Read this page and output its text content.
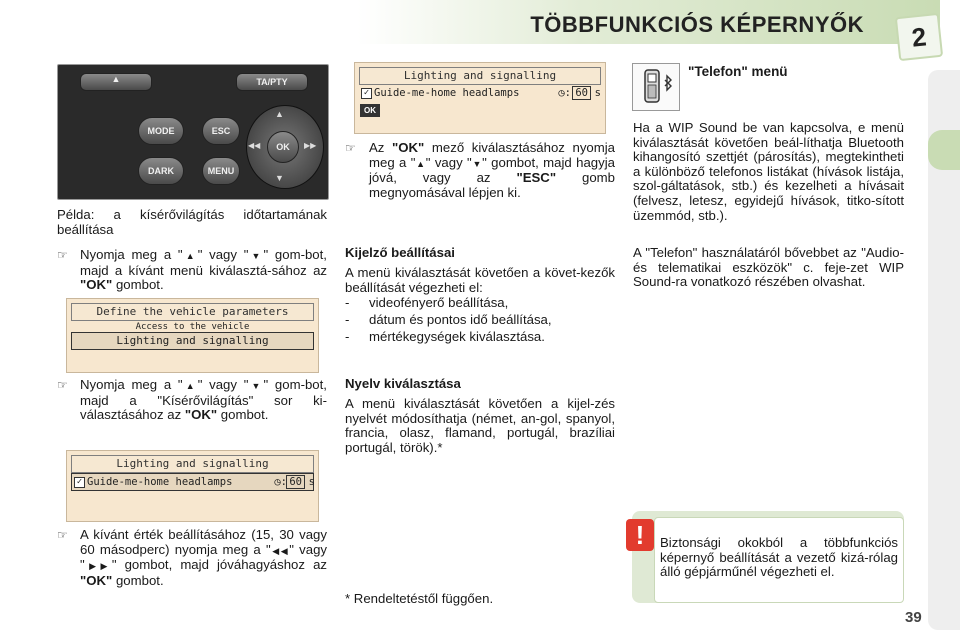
TÖBBFUNKCIÓS KÉPERNYŐK	2
▲	TA/PTY
MODE
DARK
ESC
MENU
OK
▲
▼
◀◀	▶▶
Példa: a kísérővilágítás időtartamának beállítása
☞ Nyomja meg a "▲" vagy "▼" gom-bot, majd a kívánt menü kiválasztá-sához az "OK" gombot.
Define the vehicle parameters
Access to the vehicle
Lighting and signalling
☞ Nyomja meg a "▲" vagy "▼" gom-bot, majd a "Kísérővilágítás" sor ki-választásához az "OK" gombot.
Lighting and signalling
✓ Guide-me-home headlamps	◷: 60 s
☞ A kívánt érték beállításához (15, 30 vagy 60 másodperc) nyomja meg a "◀◀" vagy "▶▶" gombot, majd jóváhagyáshoz az "OK" gombot.
Lighting and signalling
✓ Guide-me-home headlamps	◷: 60 s
OK
☞ Az "OK" mező kiválasztásához nyomja meg a "▲" vagy "▼" gombot, majd hagyja jóvá, vagy az "ESC" gomb megnyomásával lépjen ki.
Kijelző beállításai
A menü kiválasztását követően a követ-kezők beállítását végezheti el:
- videofényerő beállítása,
- dátum és pontos idő beállítása,
- mértékegységek kiválasztása.
Nyelv kiválasztása
A menü kiválasztását követően a kijel-zés nyelvét módosíthatja (német, an-gol, spanyol, francia, olasz, flamand, portugál, brazíliai portugál, török).*
* Rendeltetéstől függően.
"Telefon" menü
Ha a WIP Sound be van kapcsolva, e menü kiválasztását követően beál-líthatja Bluetooth kihangosító szettjét (párosítás), megtekintheti a különböző telefonos listákat (hívások listája, szol-gáltatások, stb.) és kezelheti a hívásait (felvesz, letesz, egyidejű hívások, titko-sított üzemmód, stb.).
A "Telefon" használatáról bővebbet az "Audio- és telematikai eszközök" c. feje-zet WIP Sound-ra vonatkozó részében olvashat.
!	Biztonsági okokból a többfunkciós képernyő beállítását a vezető kizá-rólag álló gépjárműnél végezheti el.
39
